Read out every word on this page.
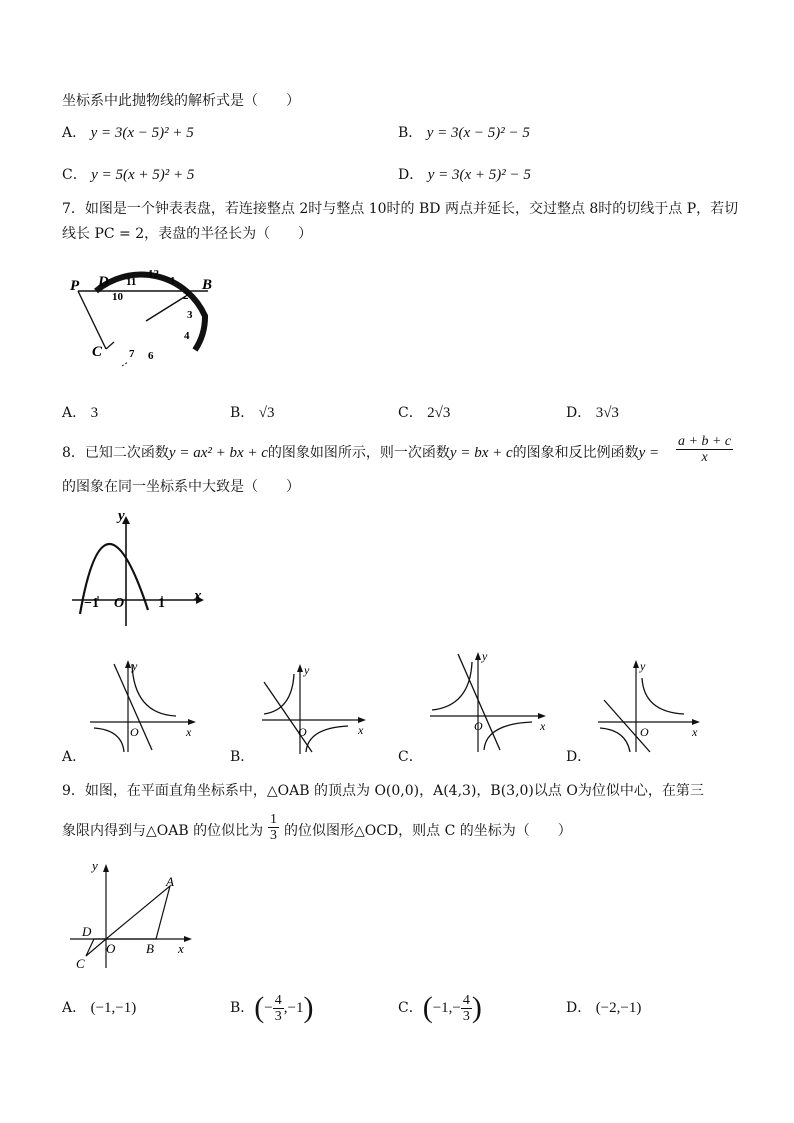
坐标系中此抛物线的解析式是（　　）
A． y = 3(x − 5)² + 5	B． y = 3(x − 5)² − 5
C． y = 5(x + 5)² + 5	D． y = 3(x + 5)² − 5
7．如图是一个钟表表盘，若连接整点 2时与整点 10时的 BD 两点并延长，交过整点 8时的切线于点 P，若切
线长 PC = 2，表盘的半径长为（　　）
P D	B
C
11
12
1
10	2
3
4
6
7
A． 3	B． √3	C． 2√3	D． 3√3
8．已知二次函数y = ax² + bx + c的图象如图所示，则一次函数y = bx + c的图象和反比例函数$y = \frac{a + b + c}{x}$
的图象在同一坐标系中大致是（　　）
y
x
O
−1	1
y
x
O
y
x
O
y
x
O
y
x
O
A．	B．	C．	D．
9．如图，在平面直角坐标系中，△OAB 的顶点为 O(0,0)，A(4,3)，B(3,0)以点 O为位似中心，在第三
象限内得到与△OAB 的位似比为 $\frac{1}{3}$ 的位似图形△OCD，则点 C 的坐标为（　　）
y
x
O
A
B
C
D
A． (−1,−1)	B．(− $\frac{4}{3} ,-1$)	C．($-1,- \frac{4}{3}$ )	D． (−2,−1)
